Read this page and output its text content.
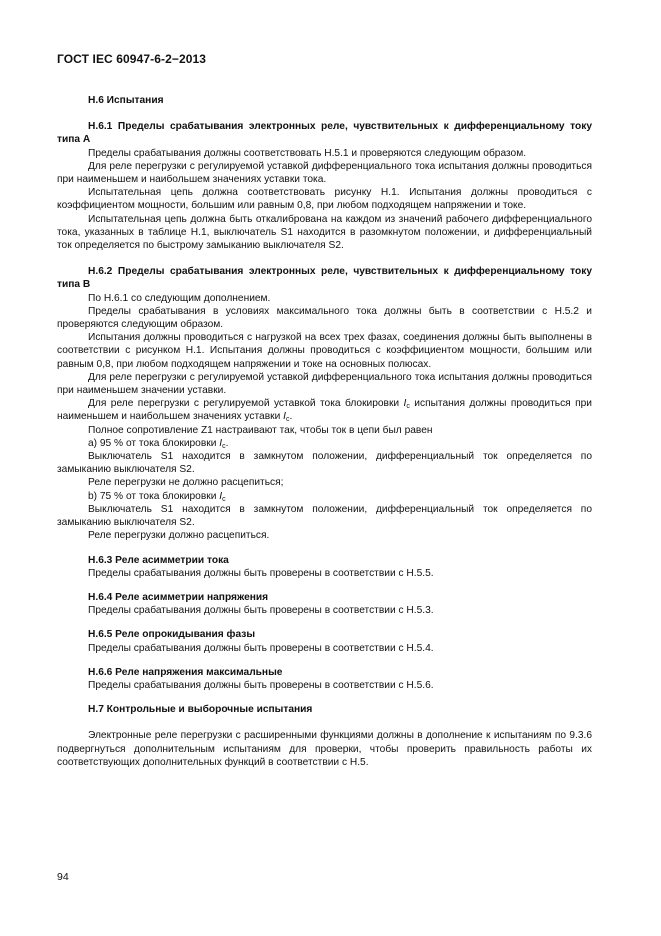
ГОСТ IEC 60947-6-2−2013
Н.6 Испытания
Н.6.1 Пределы срабатывания электронных реле, чувствительных к дифференциальному току типа А

Пределы срабатывания должны соответствовать Н.5.1 и проверяются следующим образом.

Для реле перегрузки с регулируемой уставкой дифференциального тока испытания должны проводиться при наименьшем и наибольшем значениях уставки тока.

Испытательная цепь должна соответствовать рисунку Н.1. Испытания должны проводиться с коэффициентом мощности, большим или равным 0,8, при любом подходящем напряжении и токе.

Испытательная цепь должна быть откалибрована на каждом из значений рабочего дифференциального тока, указанных в таблице Н.1, выключатель S1 находится в разомкнутом положении, и дифференциальный ток определяется по быстрому замыканию выключателя S2.

Н.6.2 Пределы срабатывания электронных реле, чувствительных к дифференциальному току типа В

По Н.6.1 со следующим дополнением.

Пределы срабатывания в условиях максимального тока должны быть в соответствии с Н.5.2 и проверяются следующим образом.

Испытания должны проводиться с нагрузкой на всех трех фазах, соединения должны быть выполнены в соответствии с рисунком Н.1. Испытания должны проводиться с коэффициентом мощности, большим или равным 0,8, при любом подходящем напряжении и токе на основных полюсах.

Для реле перегрузки с регулируемой уставкой дифференциального тока испытания должны проводиться при наименьшем значении уставки.

Для реле перегрузки с регулируемой уставкой тока блокировки $I_c$ испытания должны проводиться при наименьшем и наибольшем значениях уставки $I_c$.

Полное сопротивление Z1 настраивают так, чтобы ток в цепи был равен

a) 95 % от тока блокировки $I_c$.

Выключатель S1 находится в замкнутом положении, дифференциальный ток определяется по замыканию выключателя S2.

Реле перегрузки не должно расцепиться;

b) 75 % от тока блокировки $I_c$

Выключатель S1 находится в замкнутом положении, дифференциальный ток определяется по замыканию выключателя S2.

Реле перегрузки должно расцепиться.

Н.6.3 Реле асимметрии тока

Пределы срабатывания должны быть проверены в соответствии с Н.5.5.

Н.6.4 Реле асимметрии напряжения

Пределы срабатывания должны быть проверены в соответствии с Н.5.3.

Н.6.5 Реле опрокидывания фазы

Пределы срабатывания должны быть проверены в соответствии с Н.5.4.

Н.6.6 Реле напряжения максимальные

Пределы срабатывания должны быть проверены в соответствии с Н.5.6.

Н.7 Контрольные и выборочные испытания

Электронные реле перегрузки с расширенными функциями должны в дополнение к испытаниям по 9.3.6 подвергнуться дополнительным испытаниям для проверки, чтобы проверить правильность работы их соответствующих дополнительных функций в соответствии с Н.5.

94
